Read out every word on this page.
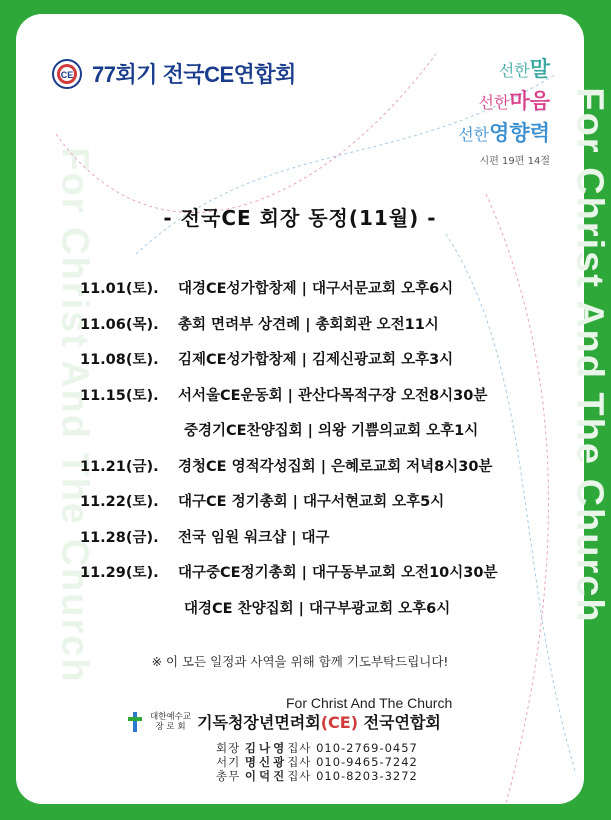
For Christ And The Church	For Christ And The Church
CE 77회기 전국CE연합회	선한말
선한마음
선한영향력
시편 19편 14절
- 전국CE 회장 동정(11월) -
11.01(토). 대경CE성가합창제 | 대구서문교회 오후6시
11.06(목). 총회 면려부 상견례 | 총회회관 오전11시
11.08(토). 김제CE성가합창제 | 김제신광교회 오후3시
11.15(토). 서서울CE운동회 | 관산다목적구장 오전8시30분
중경기CE찬양집회 | 의왕 기쁨의교회 오후1시
11.21(금). 경청CE 영적각성집회 | 은혜로교회 저녁8시30분
11.22(토). 대구CE 정기총회 | 대구서현교회 오후5시
11.28(금). 전국 임원 워크샵 | 대구
11.29(토). 대구중CE정기총회 | 대구동부교회 오전10시30분
대경CE 찬양집회 | 대구부광교회 오후6시
※ 이 모든 일정과 사역을 위해 함께 기도부탁드립니다!
For Christ And The Church
대한예수교
장 로 회 기독청장년면려회(CE) 전국연합회
회장 김나영집사 010-2769-0457
서기 명신광집사 010-9465-7242
총무 이덕진집사 010-8203-3272
